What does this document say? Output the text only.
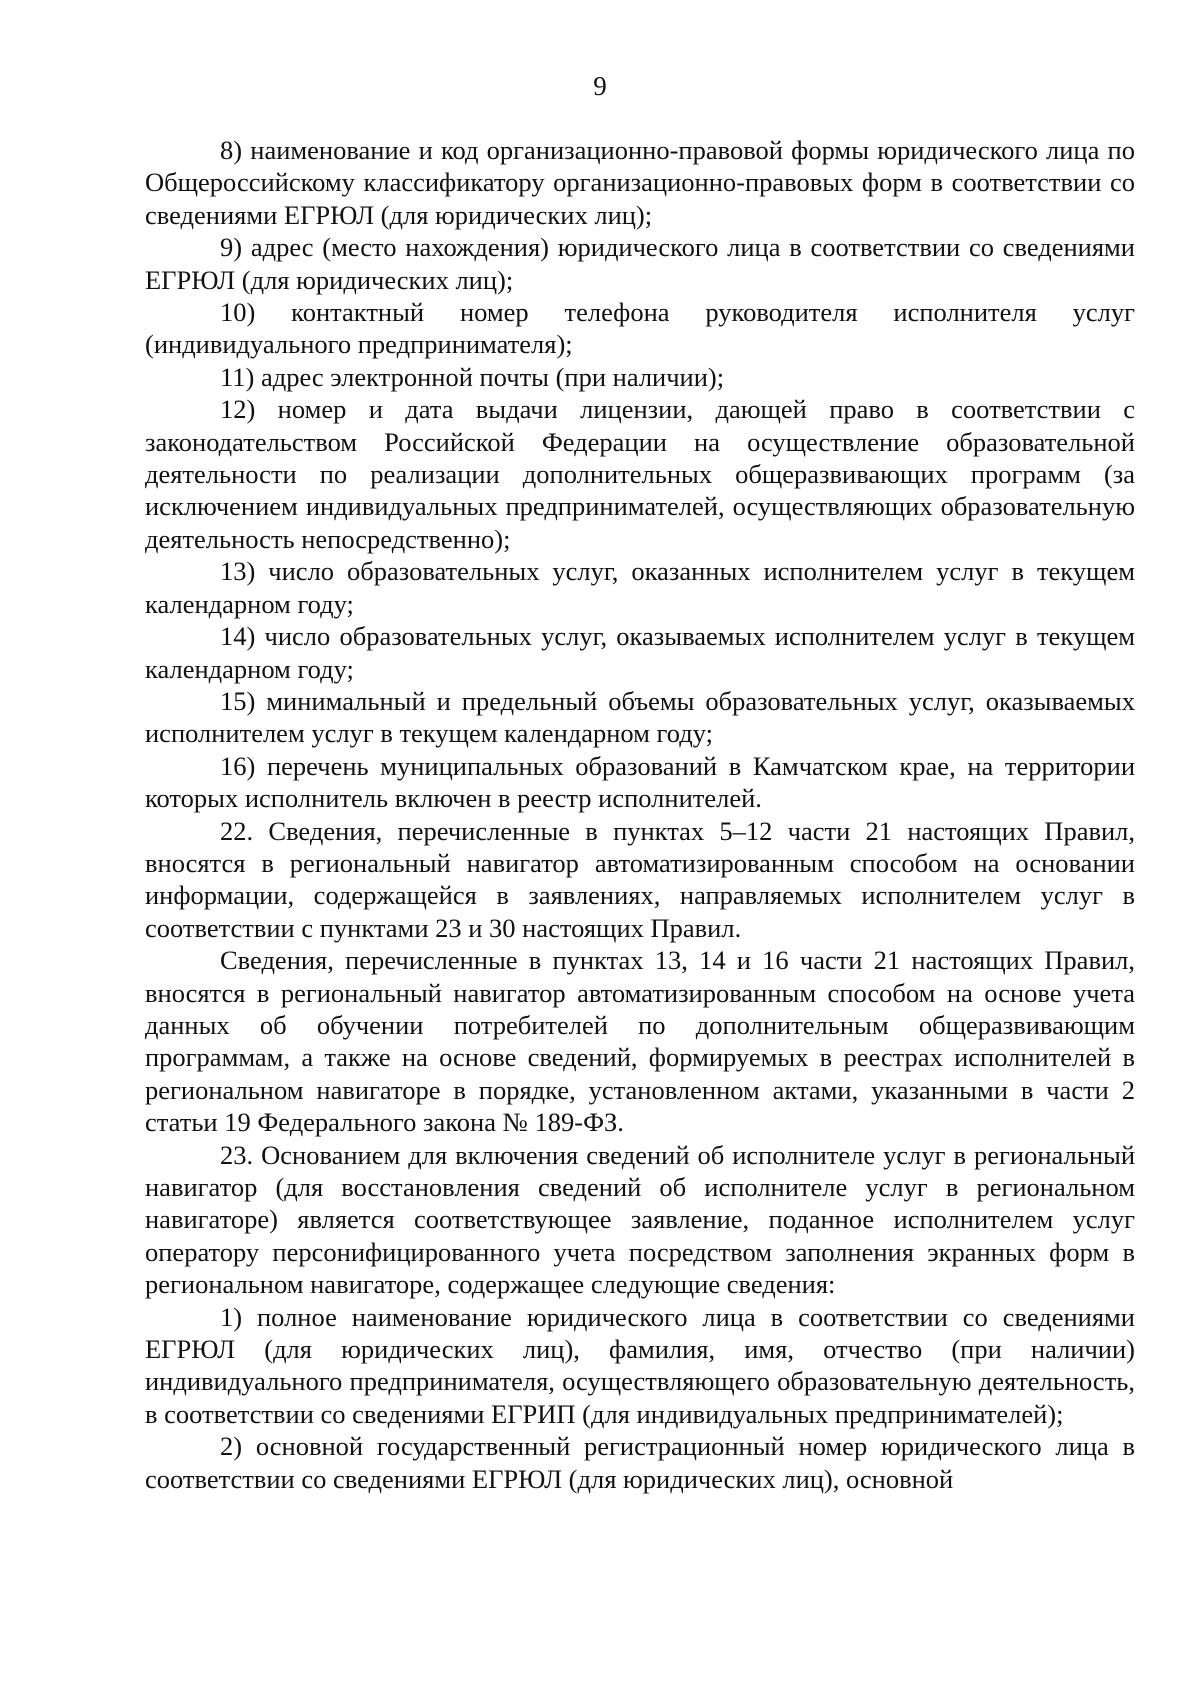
9

8) наименование и код организационно-правовой формы юридического лица по Общероссийскому классификатору организационно-правовых форм в соответствии со сведениями ЕГРЮЛ (для юридических лиц);

9) адрес (место нахождения) юридического лица в соответствии со сведениями ЕГРЮЛ (для юридических лиц);

10) контактный номер телефона руководителя исполнителя услуг (индивидуального предпринимателя);

11) адрес электронной почты (при наличии);

12) номер и дата выдачи лицензии, дающей право в соответствии с законодательством Российской Федерации на осуществление образовательной деятельности по реализации дополнительных общеразвивающих программ (за исключением индивидуальных предпринимателей, осуществляющих образовательную деятельность непосредственно);

13) число образовательных услуг, оказанных исполнителем услуг в текущем календарном году;

14) число образовательных услуг, оказываемых исполнителем услуг в текущем календарном году;

15) минимальный и предельный объемы образовательных услуг, оказываемых исполнителем услуг в текущем календарном году;

16) перечень муниципальных образований в Камчатском крае, на территории которых исполнитель включен в реестр исполнителей.

22. Сведения, перечисленные в пунктах 5–12 части 21 настоящих Правил, вносятся в региональный навигатор автоматизированным способом на основании информации, содержащейся в заявлениях, направляемых исполнителем услуг в соответствии с пунктами 23 и 30 настоящих Правил.

Сведения, перечисленные в пунктах 13, 14 и 16 части 21 настоящих Правил, вносятся в региональный навигатор автоматизированным способом на основе учета данных об обучении потребителей по дополнительным общеразвивающим программам, а также на основе сведений, формируемых в реестрах исполнителей в региональном навигаторе в порядке, установленном актами, указанными в части 2 статьи 19 Федерального закона № 189-ФЗ.

23. Основанием для включения сведений об исполнителе услуг в региональный навигатор (для восстановления сведений об исполнителе услуг в региональном навигаторе) является соответствующее заявление, поданное исполнителем услуг оператору персонифицированного учета посредством заполнения экранных форм в региональном навигаторе, содержащее следующие сведения:

1) полное наименование юридического лица в соответствии со сведениями ЕГРЮЛ (для юридических лиц), фамилия, имя, отчество (при наличии) индивидуального предпринимателя, осуществляющего образовательную деятельность, в соответствии со сведениями ЕГРИП (для индивидуальных предпринимателей);

2) основной государственный регистрационный номер юридического лица в соответствии со сведениями ЕГРЮЛ (для юридических лиц), основной
